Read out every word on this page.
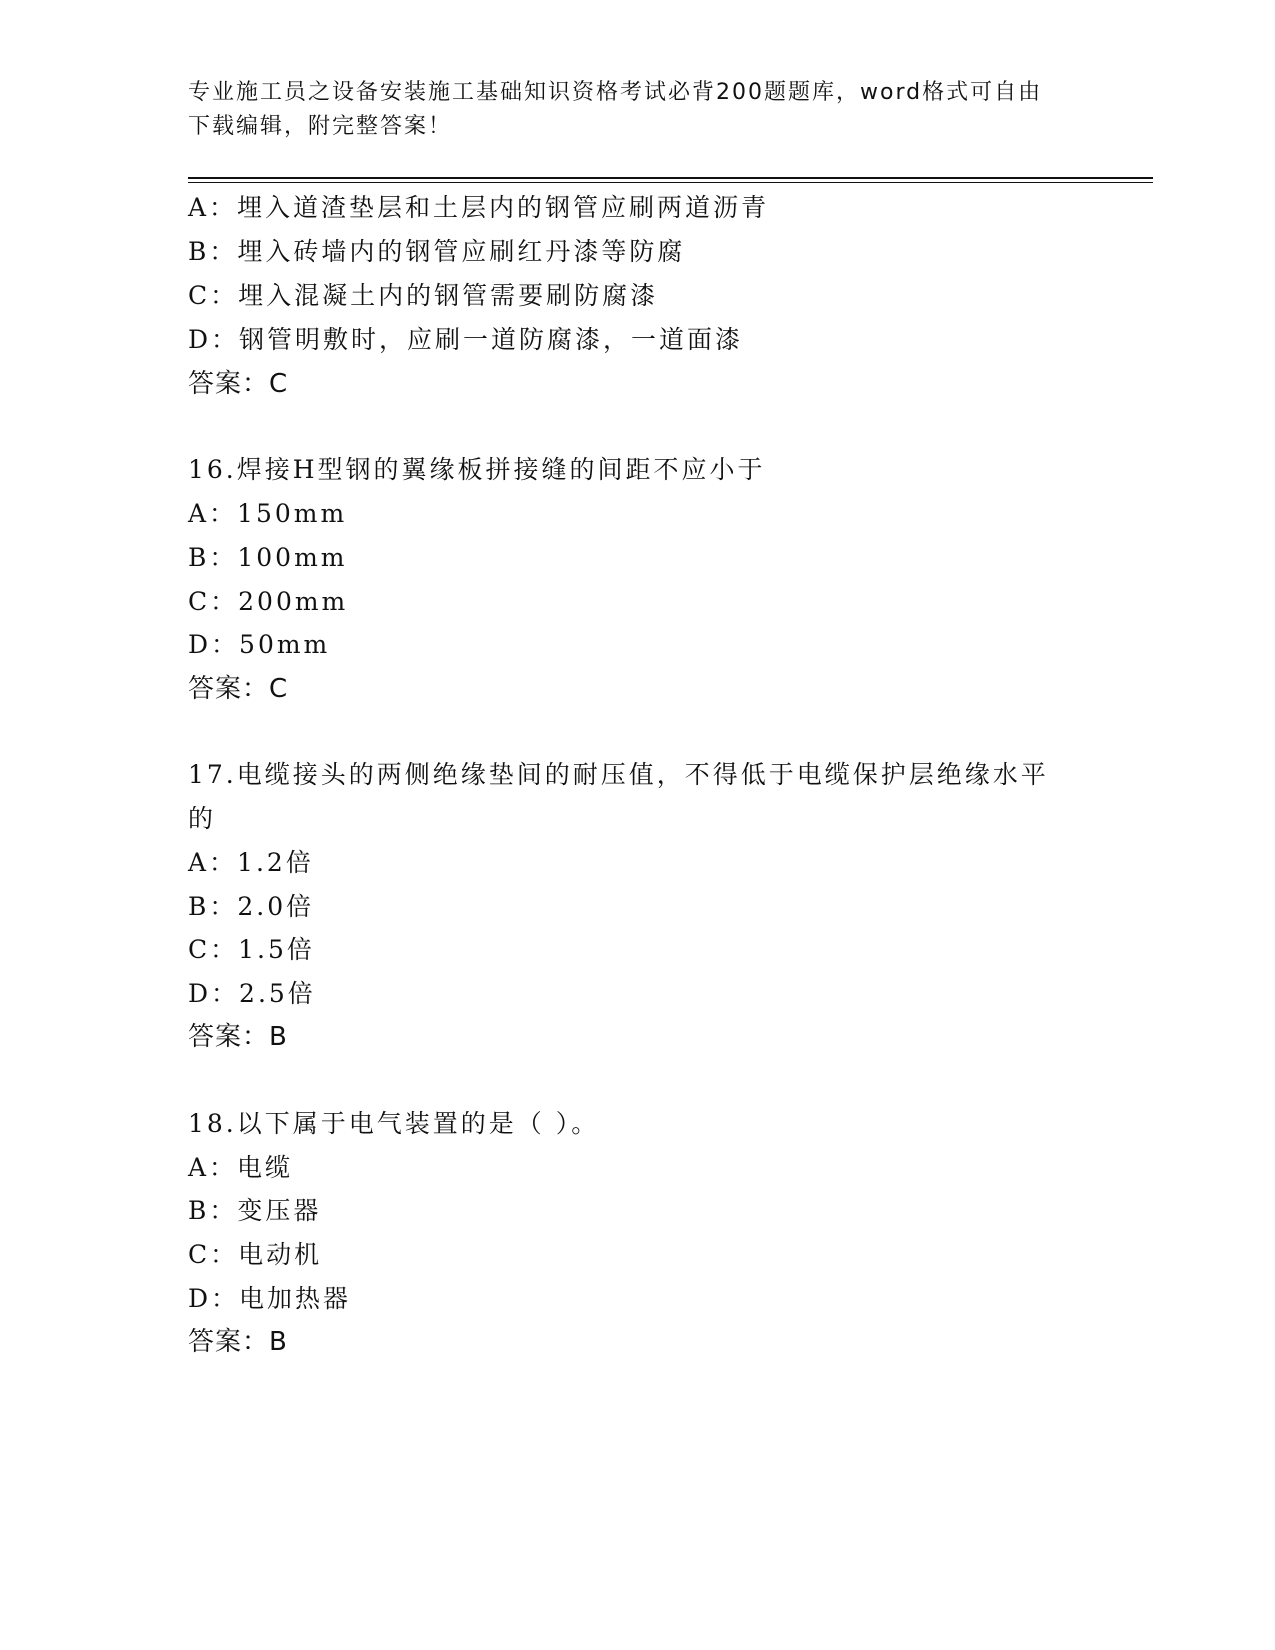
专业施工员之设备安装施工基础知识资格考试必背200题题库，word格式可自由
下载编辑，附完整答案！
A：埋入道渣垫层和土层内的钢管应刷两道沥青
B：埋入砖墙内的钢管应刷红丹漆等防腐
C：埋入混凝土内的钢管需要刷防腐漆
D：钢管明敷时，应刷一道防腐漆，一道面漆
答案：C
16.焊接H型钢的翼缘板拼接缝的间距不应小于
A：150mm
B：100mm
C：200mm
D：50mm
答案：C
17.电缆接头的两侧绝缘垫间的耐压值，不得低于电缆保护层绝缘水平
的
A：1.2倍
B：2.0倍
C：1.5倍
D：2.5倍
答案：B
18.以下属于电气装置的是（ ）。
A：电缆
B：变压器
C：电动机
D：电加热器
答案：B
